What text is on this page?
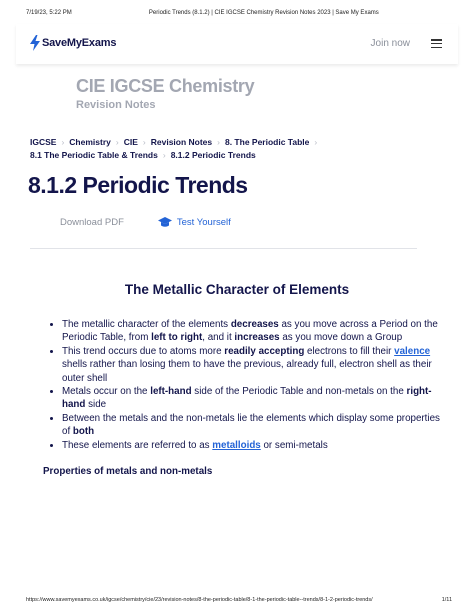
7/19/23, 5:22 PM	Periodic Trends (8.1.2) | CIE IGCSE Chemistry Revision Notes 2023 | Save My Exams
SaveMyExams	Join now
CIE IGCSE Chemistry
Revision Notes
IGCSE › Chemistry › CIE › Revision Notes › 8. The Periodic Table ›
8.1 The Periodic Table & Trends › 8.1.2 Periodic Trends
8.1.2 Periodic Trends
Download PDF	Test Yourself
The Metallic Character of Elements
• The metallic character of the elements decreases as you move across a Period on the Periodic Table, from left to right, and it increases as you move down a Group
• This trend occurs due to atoms more readily accepting electrons to fill their valence shells rather than losing them to have the previous, already full, electron shell as their outer shell
• Metals occur on the left-hand side of the Periodic Table and non-metals on the right-hand side
• Between the metals and the non-metals lie the elements which display some properties of both
• These elements are referred to as metalloids or semi-metals
Properties of metals and non-metals
https://www.savemyexams.co.uk/igcse/chemistry/cie/23/revision-notes/8-the-periodic-table/8-1-the-periodic-table--trends/8-1-2-periodic-trends/	1/11
